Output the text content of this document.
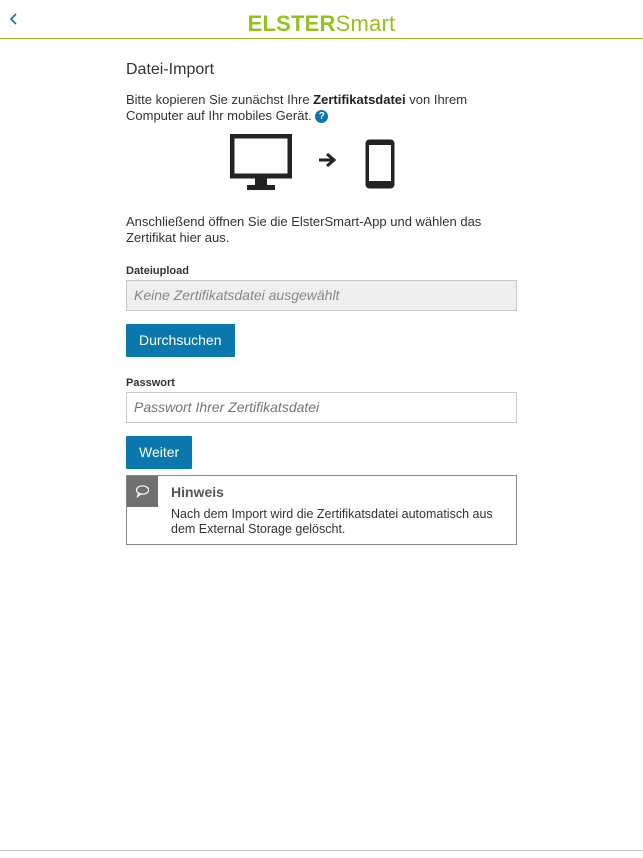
ELSTERSmart
Datei-Import
Bitte kopieren Sie zunächst Ihre Zertifikatsdatei von Ihrem Computer auf Ihr mobiles Gerät. ?
Anschließend öffnen Sie die ElsterSmart-App und wählen das Zertifikat hier aus.
Dateiupload
Keine Zertifikatsdatei ausgewählt
Durchsuchen
Passwort
Weiter
Hinweis
Nach dem Import wird die Zertifikatsdatei automatisch aus dem External Storage gelöscht.
